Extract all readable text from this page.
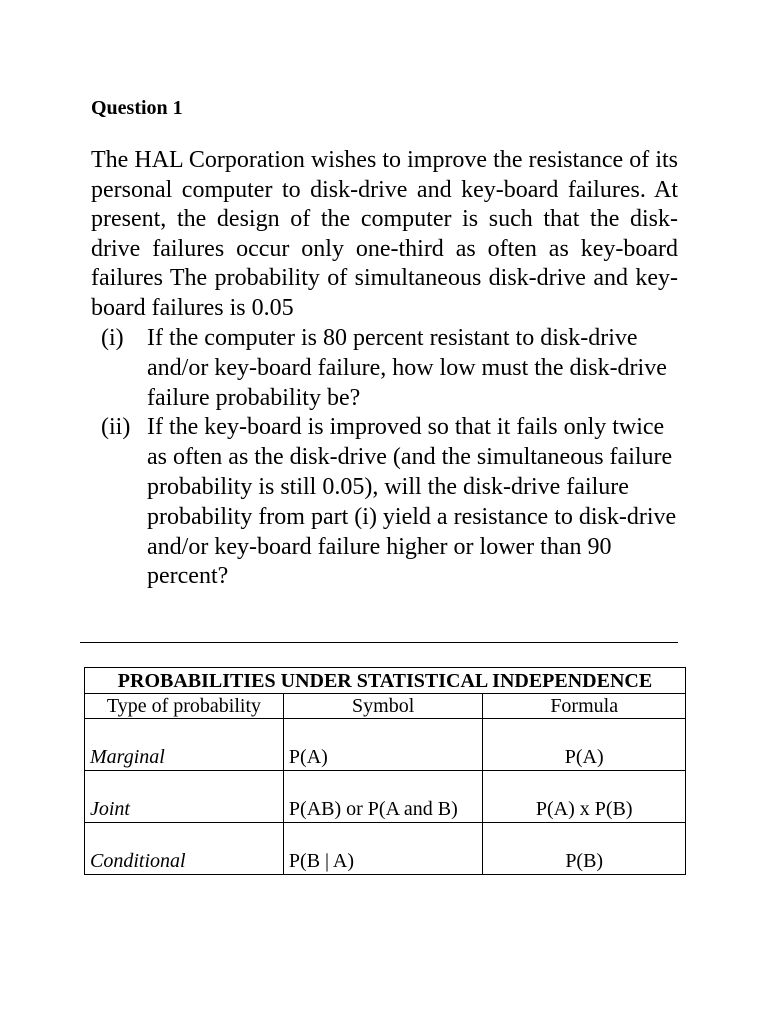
Question 1

The HAL Corporation wishes to improve the resistance of its personal computer to disk-drive and key-board failures. At present, the design of the computer is such that the disk-drive failures occur only one-third as often as key-board failures The probability of simultaneous disk-drive and key-board failures is 0.05

(i) If the computer is 80 percent resistant to disk-drive and/or key-board failure, how low must the disk-drive failure probability be?
(ii) If the key-board is improved so that it fails only twice as often as the disk-drive (and the simultaneous failure probability is still 0.05), will the disk-drive failure probability from part (i) yield a resistance to disk-drive and/or key-board failure higher or lower than 90 percent?
PROBABILITIES UNDER STATISTICAL INDEPENDENCE		
Type of probability	Symbol	Formula
Marginal	P(A)	P(A)
Joint	P(AB) or P(A and B)	P(A) x P(B)
Conditional	P(B | A)	P(B)
